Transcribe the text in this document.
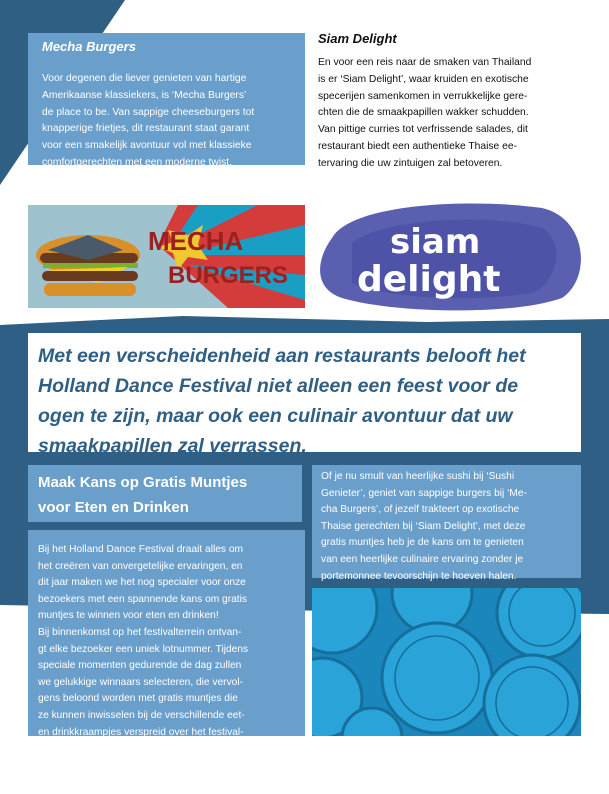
Mecha Burgers
Voor degenen die liever genieten van hartige
Amerikaanse klassiekers, is ‘Mecha Burgers’
de place to be. Van sappige cheeseburgers tot
knapperige frietjes, dit restaurant staat garant
voor een smakelijk avontuur vol met klassieke
comfortgerechten met een moderne twist.
Siam Delight
En voor een reis naar de smaken van Thailand
is er ‘Siam Delight’, waar kruiden en exotische
specerijen samenkomen in verrukkelijke gere-
chten die de smaakpapillen wakker schudden.
Van pittige curries tot verfrissende salades, dit
restaurant biedt een authentieke Thaise ee-
tervaring die uw zintuigen zal betoveren.
MECHA
BURGERS
siam
delight
Met een verscheidenheid aan restaurants belooft het
Holland Dance Festival niet alleen een feest voor de
ogen te zijn, maar ook een culinair avontuur dat uw
smaakpapillen zal verrassen.
Maak Kans op Gratis Muntjes
voor Eten en Drinken
Bij het Holland Dance Festival draait alles om
het creëren van onvergetelijke ervaringen, en
dit jaar maken we het nog specialer voor onze
bezoekers met een spannende kans om gratis
muntjes te winnen voor eten en drinken!
Bij binnenkomst op het festivalterrein ontvan-
gt elke bezoeker een uniek lotnummer. Tijdens
speciale momenten gedurende de dag zullen
we gelukkige winnaars selecteren, die vervol-
gens beloond worden met gratis muntjes die
ze kunnen inwisselen bij de verschillende eet-
en drinkkraampjes verspreid over het festival-
terrein.
Of je nu smult van heerlijke sushi bij ‘Sushi
Genieter’, geniet van sappige burgers bij ‘Me-
cha Burgers’, of jezelf trakteert op exotische
Thaise gerechten bij ‘Siam Delight’, met deze
gratis muntjes heb je de kans om te genieten
van een heerlijke culinaire ervaring zonder je
portemonnee tevoorschijn te hoeven halen.
